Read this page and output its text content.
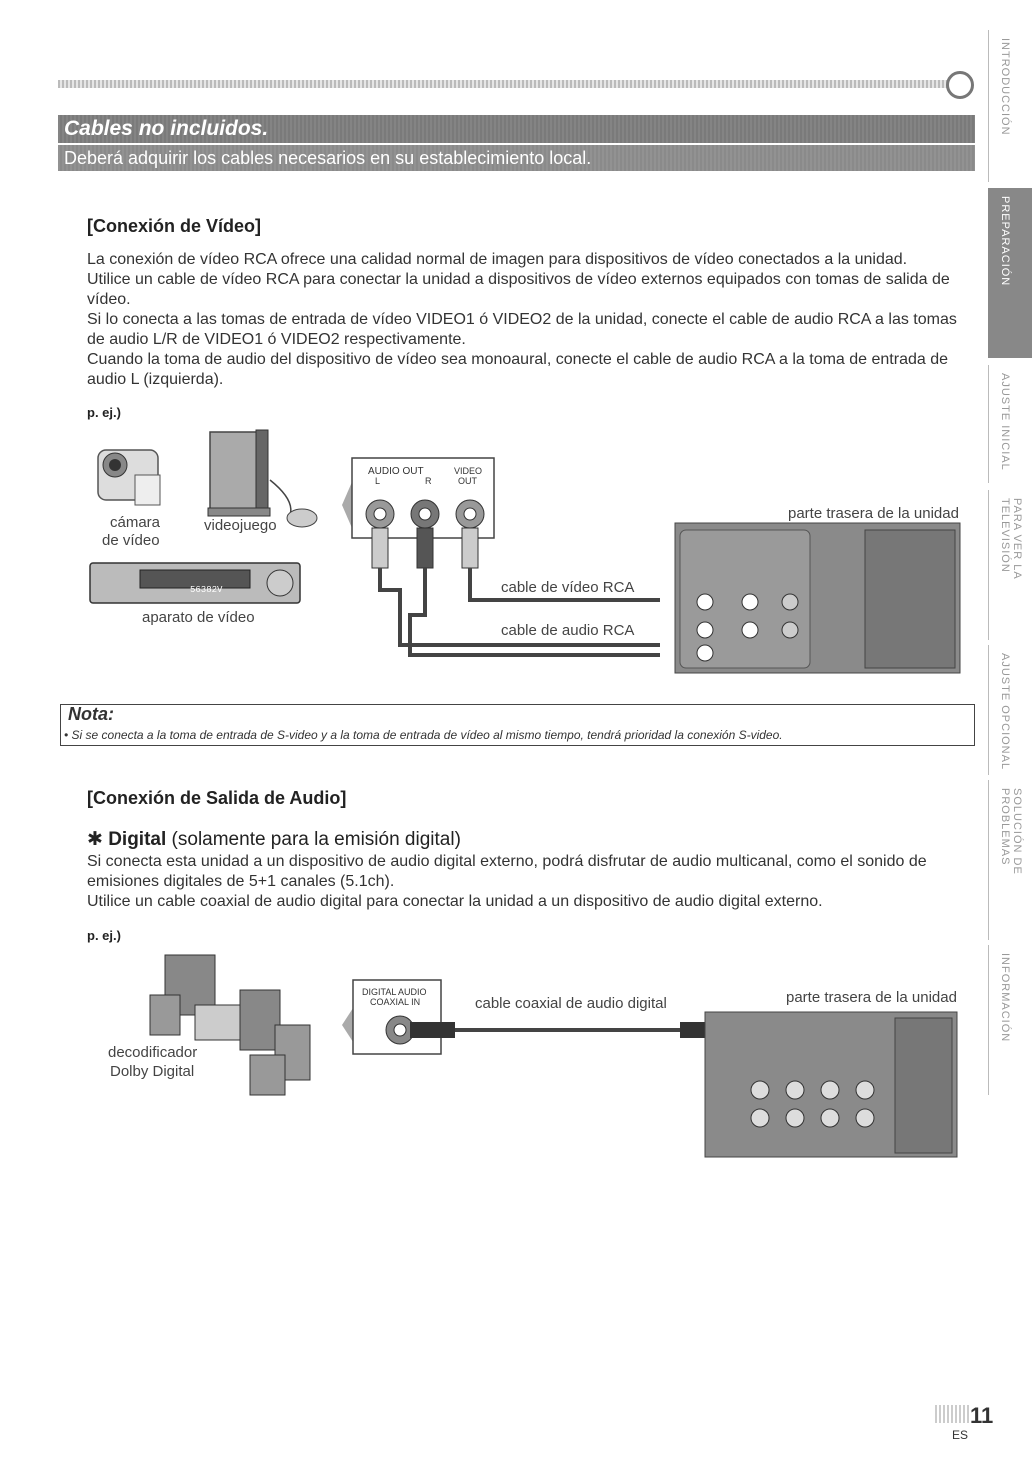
Cables no incluidos.
Deberá adquirir los cables necesarios en su establecimiento local.
[Conexión de Vídeo]

La conexión de vídeo RCA ofrece una calidad normal de imagen para dispositivos de vídeo conectados a la unidad.

Utilice un cable de vídeo RCA para conectar la unidad a dispositivos de vídeo externos equipados con tomas de salida de vídeo.

Si lo conecta a las tomas de entrada de vídeo VIDEO1 ó VIDEO2 de la unidad, conecte el cable de audio RCA a las tomas de audio L/R de VIDEO1 ó VIDEO2 respectivamente.

Cuando la toma de audio del dispositivo de vídeo sea monoaural, conecte el cable de audio RCA a la toma de entrada de audio L (izquierda).

p. ej.)
56382V
AUDIO OUT
L	R
VIDEO
OUT
parte trasera de la unidad
cable de vídeo RCA
cable de audio RCA
cámara
de vídeo
videojuego
aparato de vídeo
Nota:
• Si se conecta a la toma de entrada de S-video y a la toma de entrada de vídeo al mismo tiempo, tendrá prioridad la conexión S-video.
[Conexión de Salida de Audio]
✱ Digital (solamente para la emisión digital)

Si conecta esta unidad a un dispositivo de audio digital externo, podrá disfrutar de audio multicanal, como el sonido de emisiones digitales de 5+1 canales (5.1ch).

Utilice un cable coaxial de audio digital para conectar la unidad a un dispositivo de audio digital externo.

p. ej.)
decodificador
Dolby Digital
DIGITAL AUDIO
COAXIAL IN	cable coaxial de audio digital	parte trasera de la unidad
INTRODUCCIÓN
PREPARACIÓN
AJUSTE INICIAL
PARA VER LA TELEVISIÓN
AJUSTE OPCIONAL
SOLUCIÓN DE PROBLEMAS
INFORMACIÓN
11
ES
